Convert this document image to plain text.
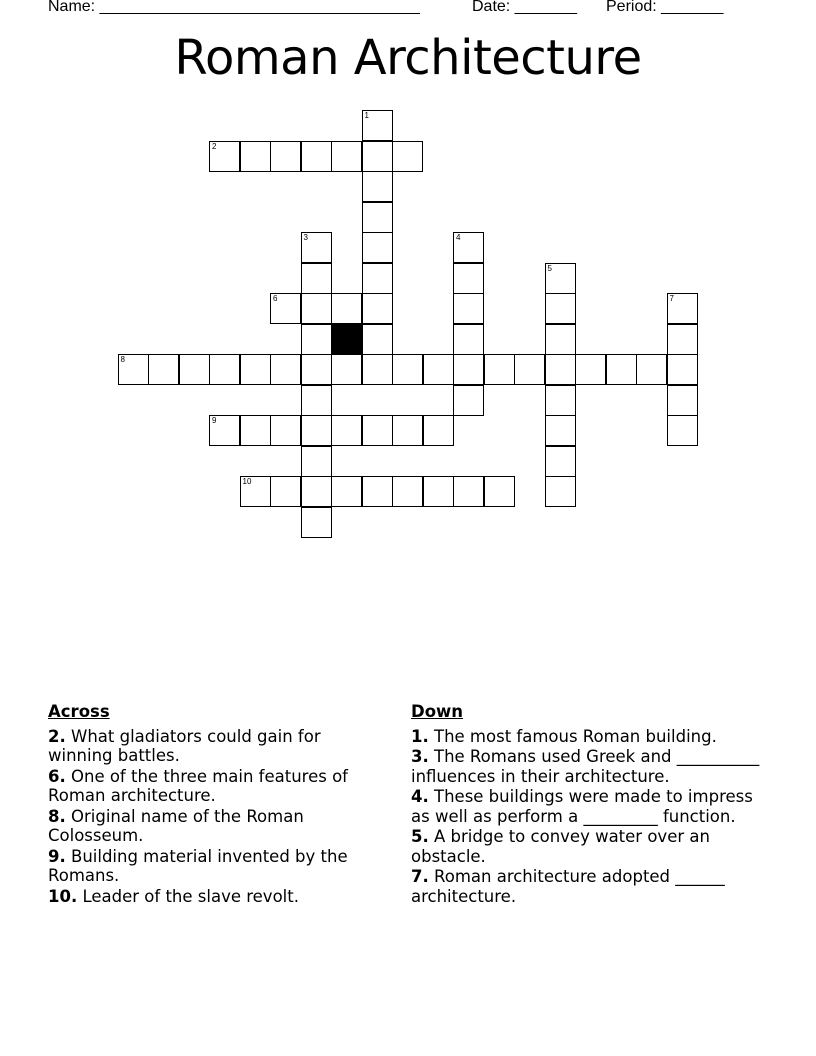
Name: ____________________________________	Date: _______ Period: _______
Roman Architecture
1
2
3	4
5
6	7
8
9
10
Across
2. What gladiators could gain for winning battles.
6. One of the three main features of Roman architecture.
8. Original name of the Roman Colosseum.
9. Building material invented by the Romans.
10. Leader of the slave revolt.
Down
1. The most famous Roman building.
3. The Romans used Greek and __________ influences in their architecture.
4. These buildings were made to impress as well as perform a _________ function.
5. A bridge to convey water over an obstacle.
7. Roman architecture adopted ______ architecture.
